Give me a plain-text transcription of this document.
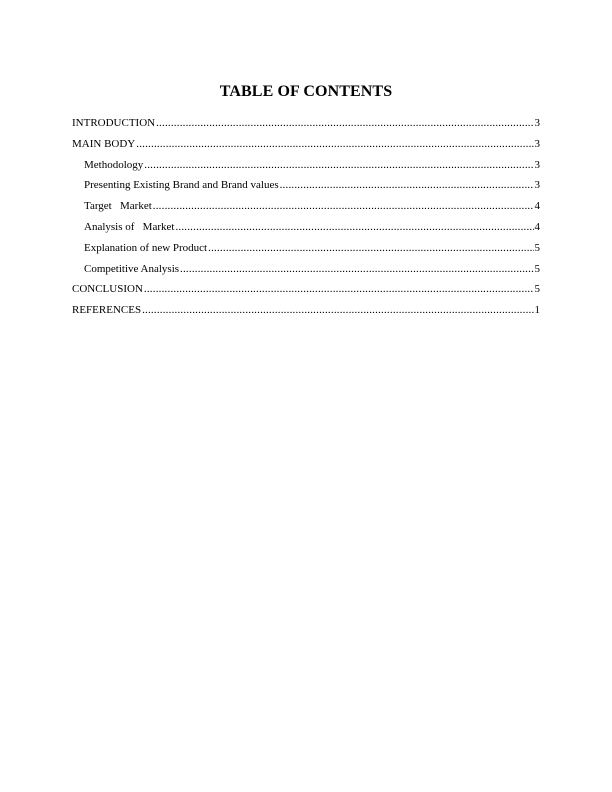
TABLE OF CONTENTS
INTRODUCTION .....	3
MAIN BODY .....	3
Methodology .....	3
Presenting Existing Brand and Brand values .....	3
Target   Market .....	4
Analysis of   Market .....	4
Explanation of new Product .....	5
Competitive Analysis .....	5
CONCLUSION .....	5
REFERENCES .....	1
